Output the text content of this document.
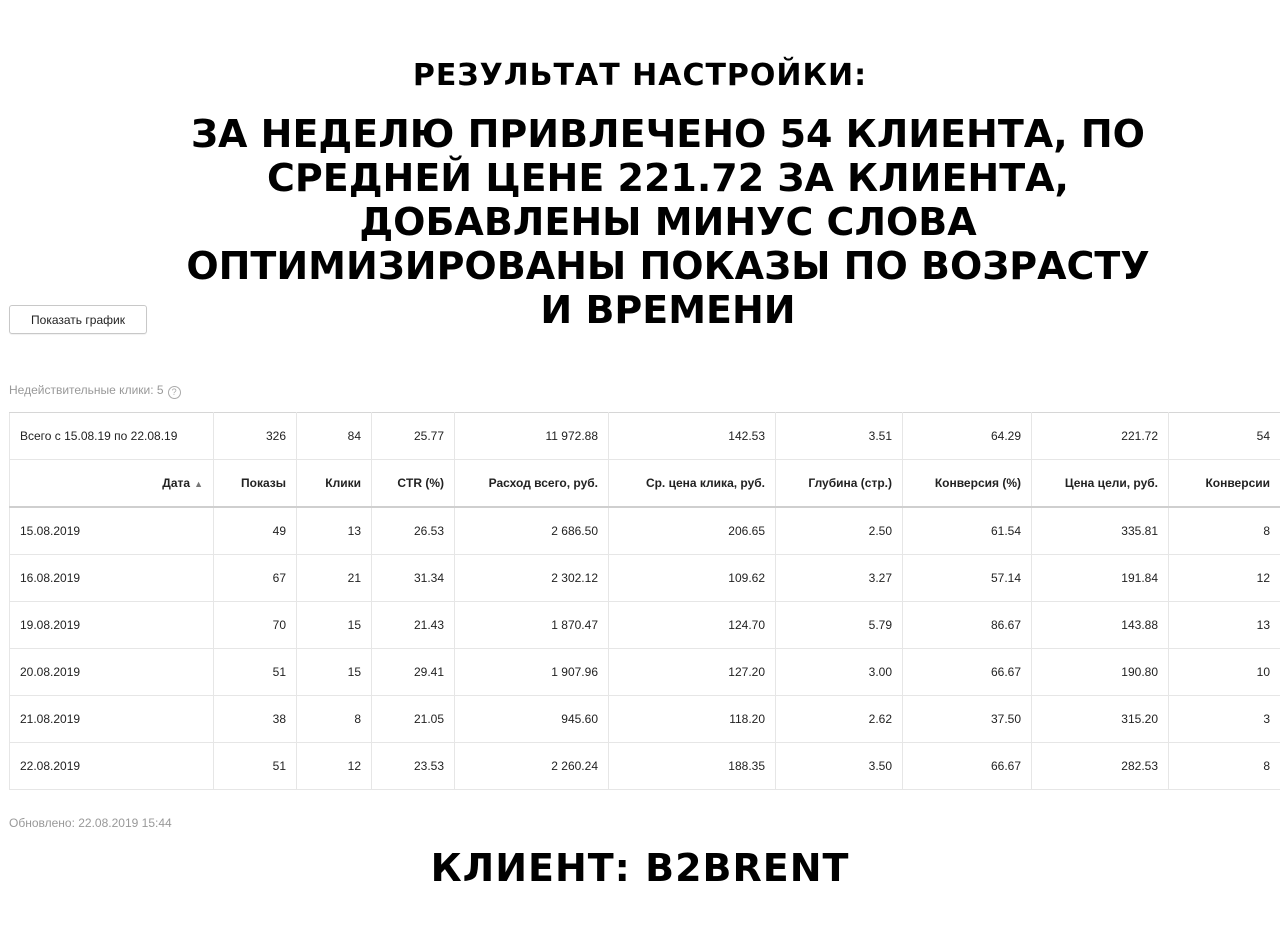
РЕЗУЛЬТАТ НАСТРОЙКИ:
ЗА НЕДЕЛЮ ПРИВЛЕЧЕНО 54 КЛИЕНТА, ПО СРЕДНЕЙ ЦЕНЕ 221.72 ЗА КЛИЕНТА, ДОБАВЛЕНЫ МИНУС СЛОВА ОПТИМИЗИРОВАНЫ ПОКАЗЫ ПО ВОЗРАСТУ И ВРЕМЕНИ
Показать график
Недействительные клики: 5 ?
Всего с 15.08.19 по 22.08.19	326	84	25.77	11 972.88	142.53	3.51	64.29	221.72	54
Дата ▲	Показы	Клики	CTR (%)	Расход всего, руб.	Ср. цена клика, руб.	Глубина (стр.)	Конверсия (%)	Цена цели, руб.	Конверсии
15.08.2019	49	13	26.53	2 686.50	206.65	2.50	61.54	335.81	8
16.08.2019	67	21	31.34	2 302.12	109.62	3.27	57.14	191.84	12
19.08.2019	70	15	21.43	1 870.47	124.70	5.79	86.67	143.88	13
20.08.2019	51	15	29.41	1 907.96	127.20	3.00	66.67	190.80	10
21.08.2019	38	8	21.05	945.60	118.20	2.62	37.50	315.20	3
22.08.2019	51	12	23.53	2 260.24	188.35	3.50	66.67	282.53	8
Обновлено: 22.08.2019 15:44
КЛИЕНТ: B2BRENT
